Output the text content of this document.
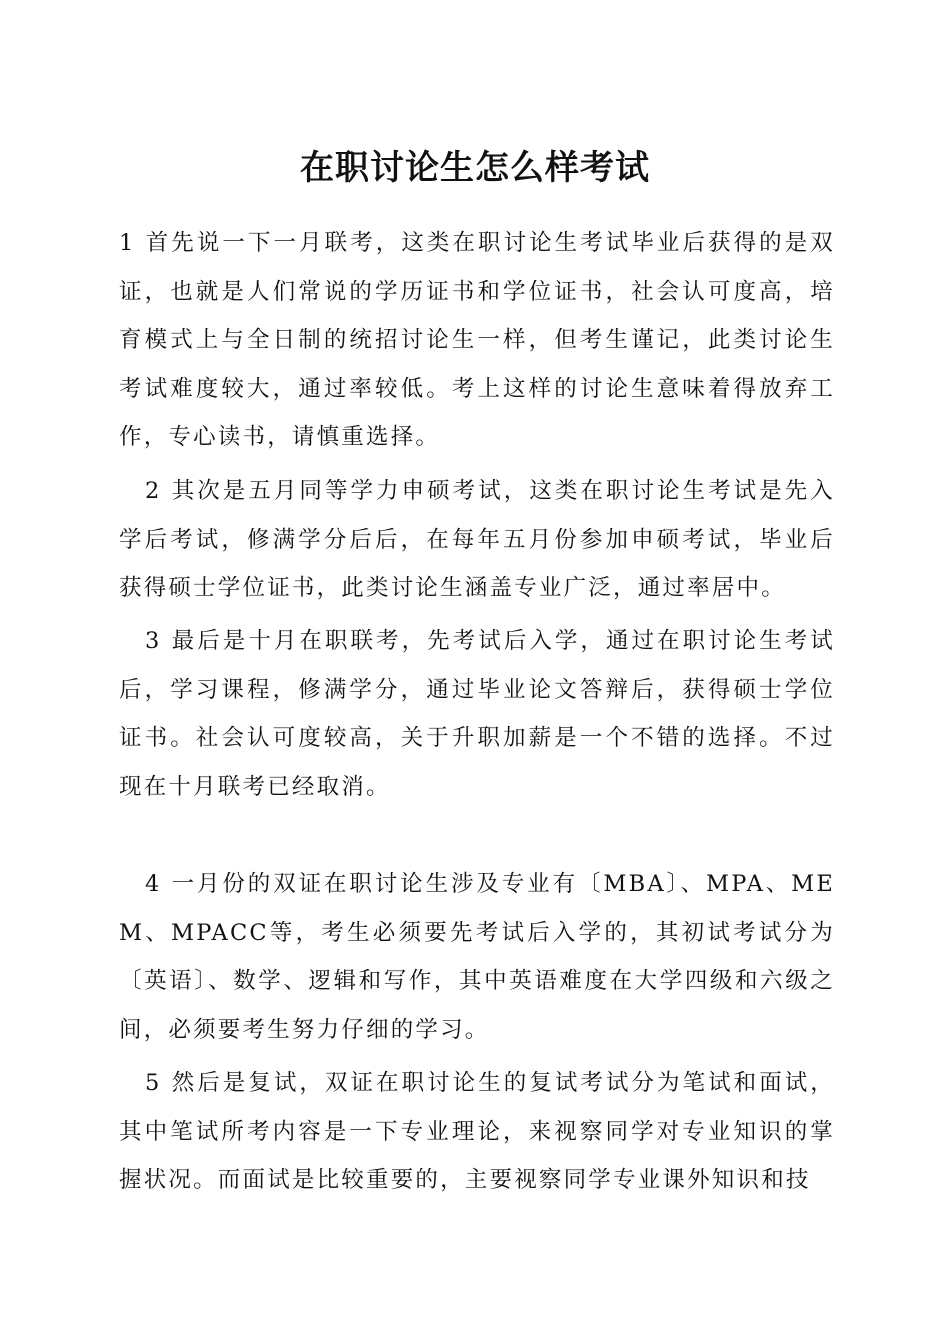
在职讨论生怎么样考试

1 首先说一下一月联考，这类在职讨论生考试毕业后获得的是双证，也就是人们常说的学历证书和学位证书，社会认可度高，培育模式上与全日制的统招讨论生一样，但考生谨记，此类讨论生考试难度较大，通过率较低。考上这样的讨论生意味着得放弃工作，专心读书，请慎重选择。

2 其次是五月同等学力申硕考试，这类在职讨论生考试是先入学后考试，修满学分后后，在每年五月份参加申硕考试，毕业后获得硕士学位证书，此类讨论生涵盖专业广泛，通过率居中。

3 最后是十月在职联考，先考试后入学，通过在职讨论生考试后，学习课程，修满学分，通过毕业论文答辩后，获得硕士学位证书。社会认可度较高，关于升职加薪是一个不错的选择。不过现在十月联考已经取消。

4 一月份的双证在职讨论生涉及专业有〔MBA〕、MPA、MEM、MPACC等，考生必须要先考试后入学的，其初试考试分为〔英语〕、数学、逻辑和写作，其中英语难度在大学四级和六级之间，必须要考生努力仔细的学习。

5 然后是复试，双证在职讨论生的复试考试分为笔试和面试，其中笔试所考内容是一下专业理论，来视察同学对专业知识的掌握状况。而面试是比较重要的，主要视察同学专业课外知识和技
